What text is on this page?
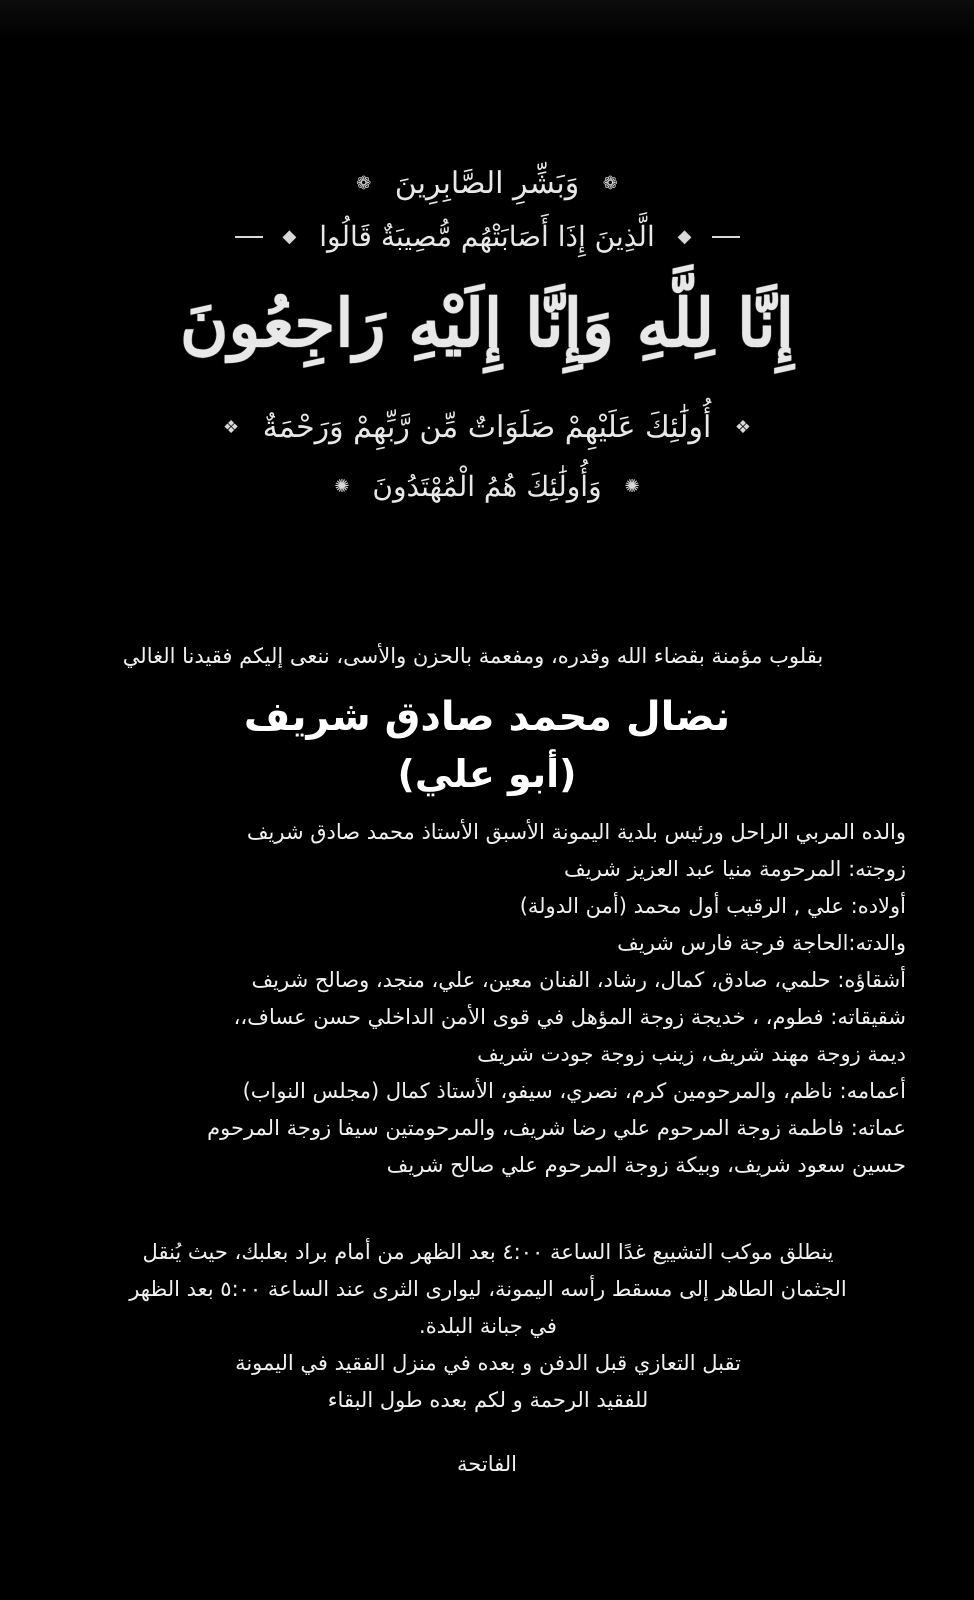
❁ وَبَشِّرِ الصَّابِرِينَ ❁
◆ الَّذِينَ إِذَا أَصَابَتْهُم مُّصِيبَةٌ قَالُوا ◆
إِنَّا لِلَّهِ وَإِنَّا إِلَيْهِ رَاجِعُونَ
❖ أُولَٰئِكَ عَلَيْهِمْ صَلَوَاتٌ مِّن رَّبِّهِمْ وَرَحْمَةٌ ❖
✺ وَأُولَٰئِكَ هُمُ الْمُهْتَدُونَ ✺
بقلوب مؤمنة بقضاء الله وقدره، ومفعمة بالحزن والأسى، ننعى إليكم فقيدنا الغالي
نضال محمد صادق شريف
(أبو علي)
والده المربي الراحل ورئيس بلدية اليمونة الأسبق الأستاذ محمد صادق شريف
زوجته: المرحومة منيا عبد العزيز شريف
أولاده: علي , الرقيب أول محمد (أمن الدولة)
والدته:الحاجة فرجة فارس شريف
أشقاؤه: حلمي، صادق، كمال، رشاد، الفنان معين، علي، منجد، وصالح شريف
شقيقاته: فطوم، ، خديجة زوجة المؤهل في قوى الأمن الداخلي حسن عساف،،
ديمة زوجة مهند شريف، زينب زوجة جودت شريف
أعمامه: ناظم، والمرحومين كرم، نصري، سيفو، الأستاذ كمال (مجلس النواب)
عماته: فاطمة زوجة المرحوم علي رضا شريف، والمرحومتين سيفا زوجة المرحوم
حسين سعود شريف، وبيكة زوجة المرحوم علي صالح شريف
ينطلق موكب التشييع غدًا الساعة ٤:٠٠ بعد الظهر من أمام براد بعلبك، حيث يُنقل
الجثمان الطاهر إلى مسقط رأسه اليمونة، ليوارى الثرى عند الساعة ٥:٠٠ بعد الظهر
في جبانة البلدة.
تقبل التعازي قبل الدفن و بعده في منزل الفقيد في اليمونة
للفقيد الرحمة و لكم بعده طول البقاء
الفاتحة
